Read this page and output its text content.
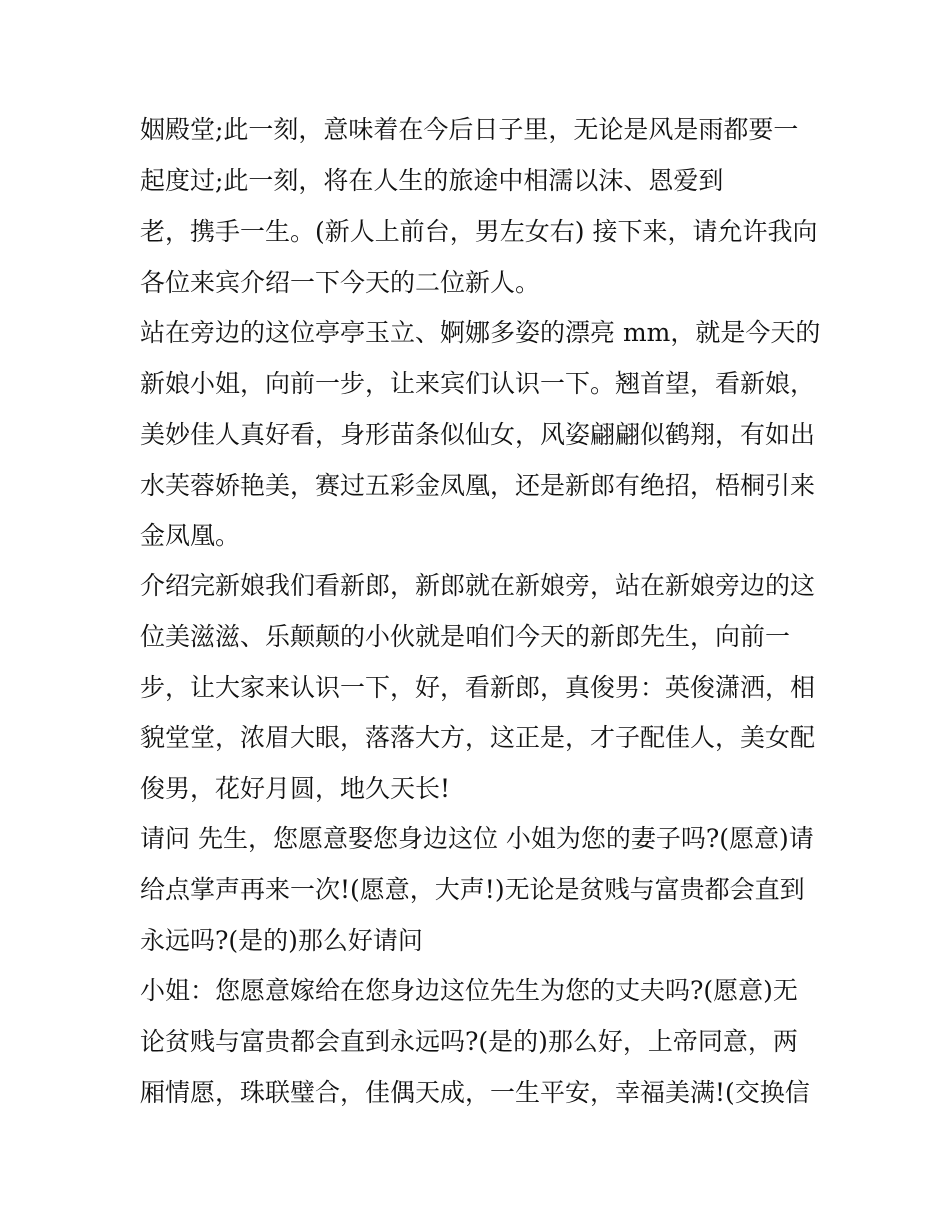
姻殿堂;此一刻，意味着在今后日子里，无论是风是雨都要一
起度过;此一刻，将在人生的旅途中相濡以沫、恩爱到
老，携手一生。(新人上前台，男左女右) 接下来，请允许我向
各位来宾介绍一下今天的二位新人。
站在旁边的这位亭亭玉立、婀娜多姿的漂亮 mm，就是今天的
新娘小姐，向前一步，让来宾们认识一下。翘首望，看新娘，
美妙佳人真好看，身形苗条似仙女，风姿翩翩似鹤翔，有如出
水芙蓉娇艳美，赛过五彩金凤凰，还是新郎有绝招，梧桐引来
金凤凰。
介绍完新娘我们看新郎，新郎就在新娘旁，站在新娘旁边的这
位美滋滋、乐颠颠的小伙就是咱们今天的新郎先生，向前一
步，让大家来认识一下，好，看新郎，真俊男：英俊潇洒，相
貌堂堂，浓眉大眼，落落大方，这正是，才子配佳人，美女配
俊男，花好月圆，地久天长!
请问 先生，您愿意娶您身边这位 小姐为您的妻子吗?(愿意)请
给点掌声再来一次!(愿意，大声!)无论是贫贱与富贵都会直到
永远吗?(是的)那么好请问
小姐：您愿意嫁给在您身边这位先生为您的丈夫吗?(愿意)无
论贫贱与富贵都会直到永远吗?(是的)那么好，上帝同意，两
厢情愿，珠联璧合，佳偶天成，一生平安，幸福美满!(交换信
